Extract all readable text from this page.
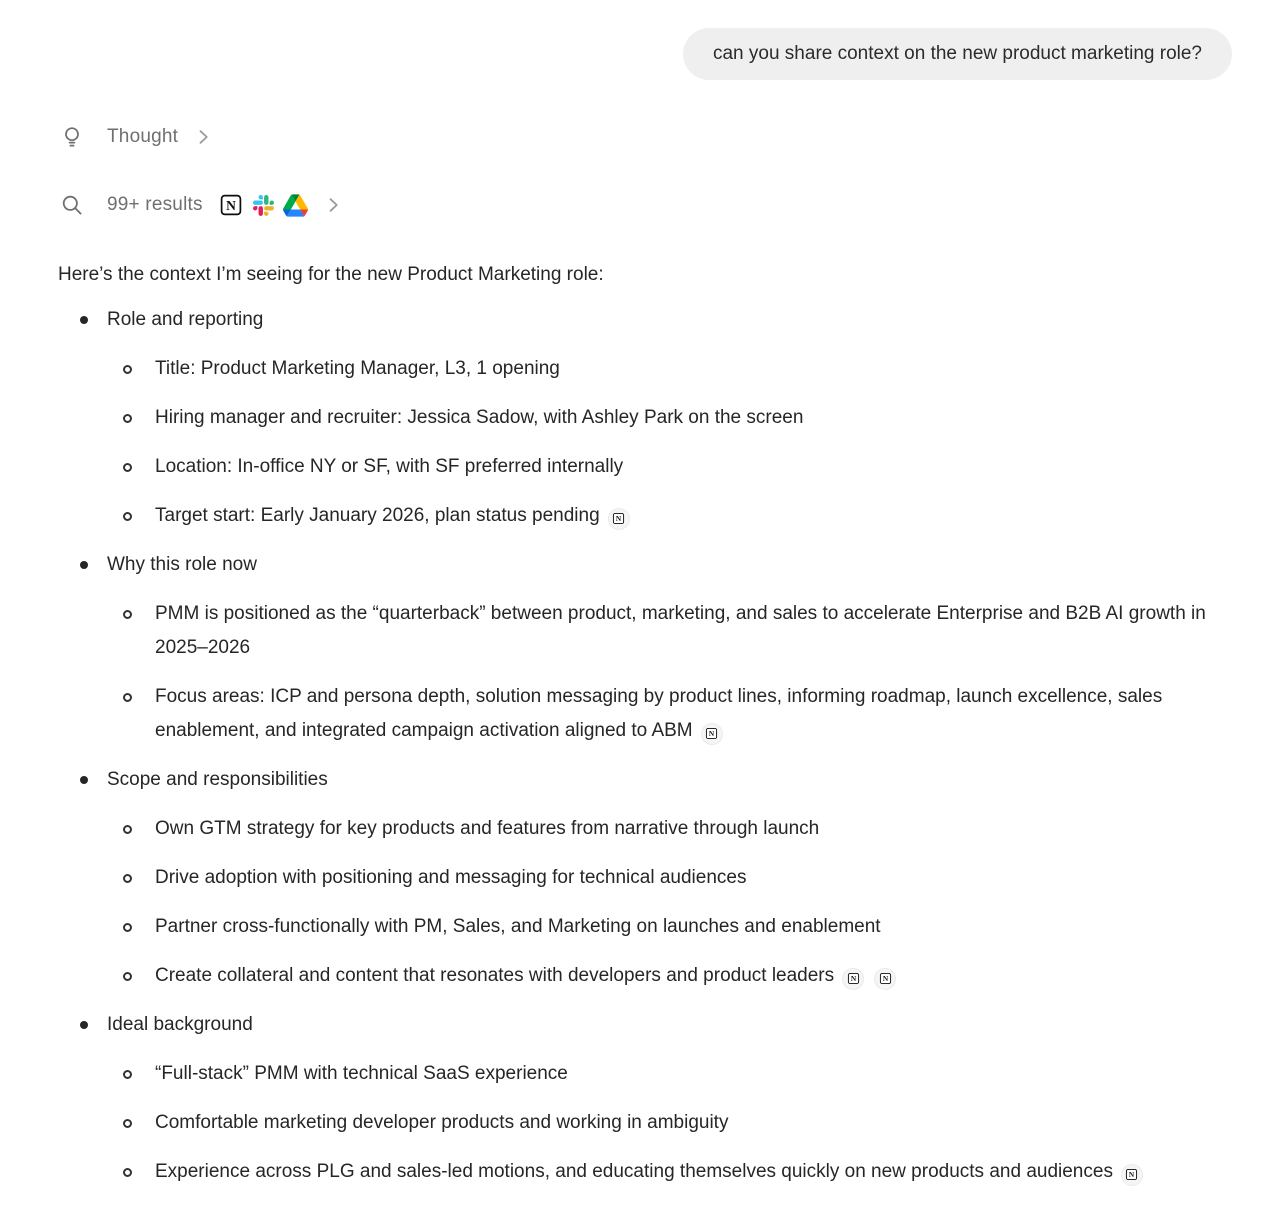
can you share context on the new product marketing role?
Thought
99+ results

Here’s the context I’m seeing for the new Product Marketing role:

Role and reporting
Title: Product Marketing Manager, L3, 1 opening
Hiring manager and recruiter: Jessica Sadow, with Ashley Park on the screen
Location: In-office NY or SF, with SF preferred internally
Target start: Early January 2026, plan status pending
Why this role now
PMM is positioned as the “quarterback” between product, marketing, and sales to accelerate Enterprise and B2B AI growth in 2025–2026
Focus areas: ICP and persona depth, solution messaging by product lines, informing roadmap, launch excellence, sales enablement, and integrated campaign activation aligned to ABM
Scope and responsibilities
Own GTM strategy for key products and features from narrative through launch
Drive adoption with positioning and messaging for technical audiences
Partner cross-functionally with PM, Sales, and Marketing on launches and enablement
Create collateral and content that resonates with developers and product leaders
Ideal background
“Full-stack” PMM with technical SaaS experience
Comfortable marketing developer products and working in ambiguity
Experience across PLG and sales-led motions, and educating themselves quickly on new products and audiences
